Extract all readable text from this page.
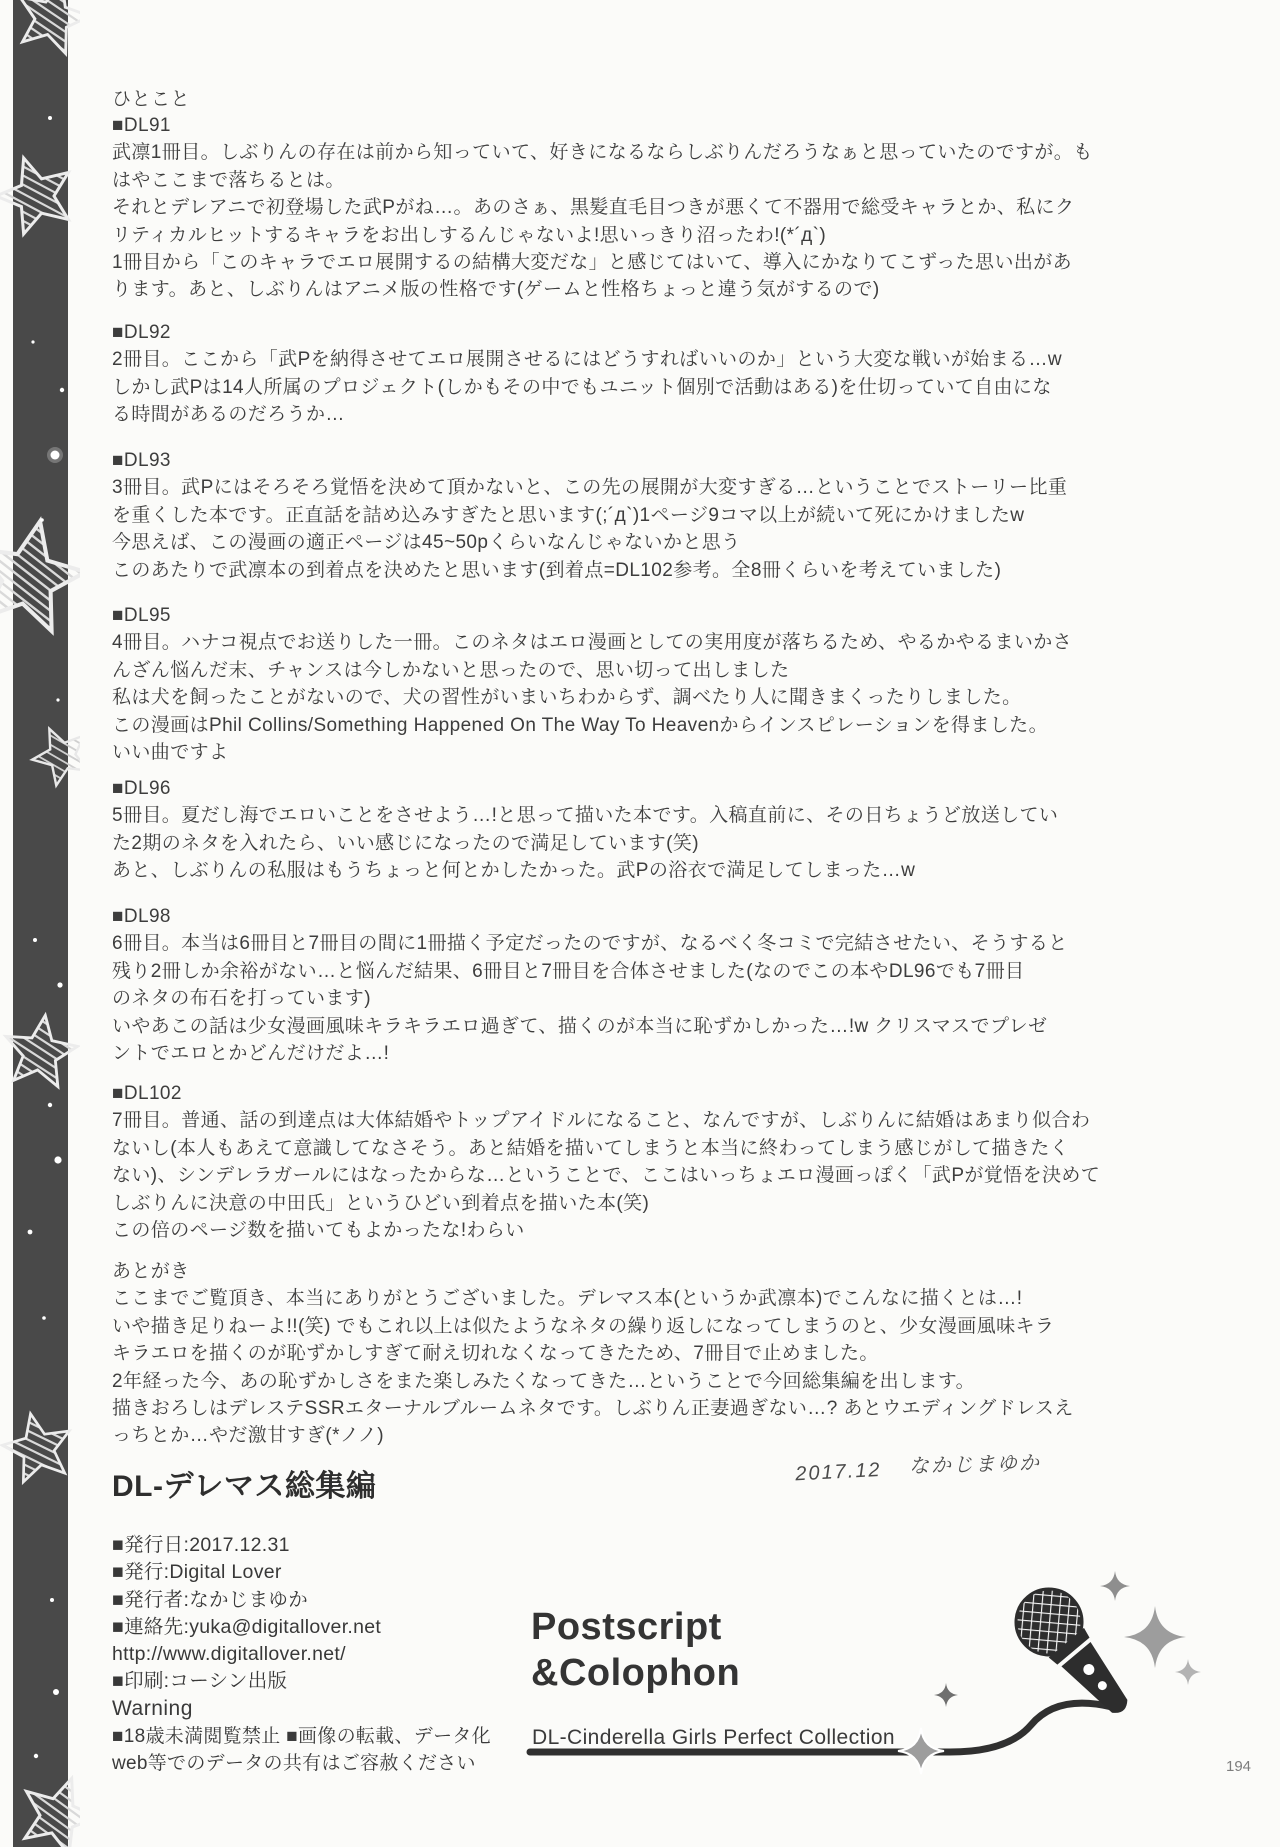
ひとこと
■DL91
武凛1冊目。しぶりんの存在は前から知っていて、好きになるならしぶりんだろうなぁと思っていたのですが。も
はやここまで落ちるとは。
それとデレアニで初登場した武Pがね…。あのさぁ、黒髪直毛目つきが悪くて不器用で総受キャラとか、私にク
リティカルヒットするキャラをお出しするんじゃないよ!思いっきり沼ったわ!(*´д`)
1冊目から「このキャラでエロ展開するの結構大変だな」と感じてはいて、導入にかなりてこずった思い出があ
ります。あと、しぶりんはアニメ版の性格です(ゲームと性格ちょっと違う気がするので)
■DL92
2冊目。ここから「武Pを納得させてエロ展開させるにはどうすればいいのか」という大変な戦いが始まる…w
しかし武Pは14人所属のプロジェクト(しかもその中でもユニット個別で活動はある)を仕切っていて自由にな
る時間があるのだろうか…
■DL93
3冊目。武Pにはそろそろ覚悟を決めて頂かないと、この先の展開が大変すぎる…ということでストーリー比重
を重くした本です。正直話を詰め込みすぎたと思います(;´д`)1ページ9コマ以上が続いて死にかけましたw
今思えば、この漫画の適正ページは45~50pくらいなんじゃないかと思う
このあたりで武凛本の到着点を決めたと思います(到着点=DL102参考。全8冊くらいを考えていました)
■DL95
4冊目。ハナコ視点でお送りした一冊。このネタはエロ漫画としての実用度が落ちるため、やるかやるまいかさ
んざん悩んだ末、チャンスは今しかないと思ったので、思い切って出しました
私は犬を飼ったことがないので、犬の習性がいまいちわからず、調べたり人に聞きまくったりしました。
この漫画はPhil Collins/Something Happened On The Way To Heavenからインスピレーションを得ました。
いい曲ですよ
■DL96
5冊目。夏だし海でエロいことをさせよう…!と思って描いた本です。入稿直前に、その日ちょうど放送してい
た2期のネタを入れたら、いい感じになったので満足しています(笑)
あと、しぶりんの私服はもうちょっと何とかしたかった。武Pの浴衣で満足してしまった…w
■DL98
6冊目。本当は6冊目と7冊目の間に1冊描く予定だったのですが、なるべく冬コミで完結させたい、そうすると
残り2冊しか余裕がない…と悩んだ結果、6冊目と7冊目を合体させました(なのでこの本やDL96でも7冊目
のネタの布石を打っています)
いやあこの話は少女漫画風味キラキラエロ過ぎて、描くのが本当に恥ずかしかった…!w クリスマスでプレゼ
ントでエロとかどんだけだよ…!
■DL102
7冊目。普通、話の到達点は大体結婚やトップアイドルになること、なんですが、しぶりんに結婚はあまり似合わ
ないし(本人もあえて意識してなさそう。あと結婚を描いてしまうと本当に終わってしまう感じがして描きたく
ない)、シンデレラガールにはなったからな…ということで、ここはいっちょエロ漫画っぽく「武Pが覚悟を決めて
しぶりんに決意の中田氏」というひどい到着点を描いた本(笑)
この倍のページ数を描いてもよかったな!わらい
あとがき
ここまでご覧頂き、本当にありがとうございました。デレマス本(というか武凛本)でこんなに描くとは…!
いや描き足りねーよ!!(笑) でもこれ以上は似たようなネタの繰り返しになってしまうのと、少女漫画風味キラ
キラエロを描くのが恥ずかしすぎて耐え切れなくなってきたため、7冊目で止めました。
2年経った今、あの恥ずかしさをまた楽しみたくなってきた…ということで今回総集編を出します。
描きおろしはデレステSSRエターナルブルームネタです。しぶりん正妻過ぎない…? あとウエディングドレスえ
っちとか…やだ激甘すぎ(*ノノ)
2017.12 なかじまゆか
DL-デレマス総集編
■発行日:2017.12.31
■発行:Digital Lover
■発行者:なかじまゆか
■連絡先:yuka@digitallover.net
http://www.digitallover.net/
■印刷:コーシン出版
Warning
■18歳未満閲覧禁止 ■画像の転載、データ化
web等でのデータの共有はご容赦ください
Postscript
&Colophon
DL-Cinderella Girls Perfect Collection
194
